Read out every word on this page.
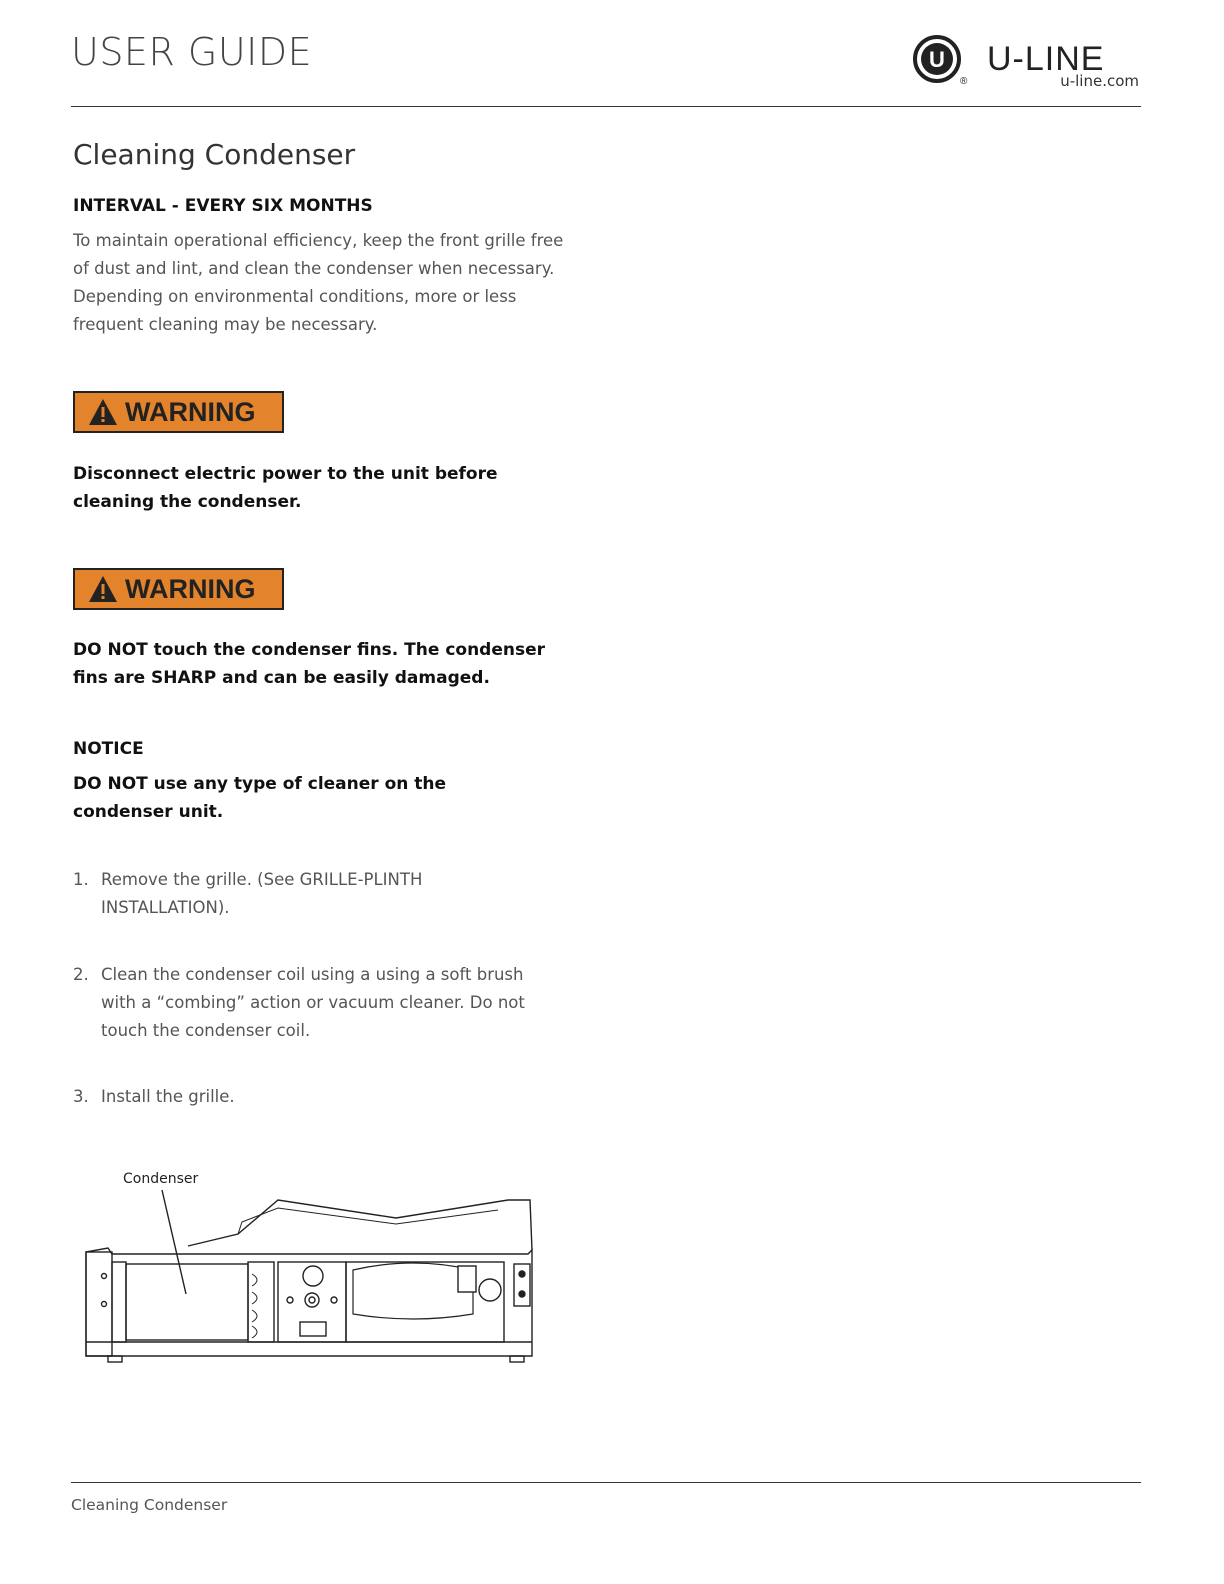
USER GUIDE	U
®
U-LINE
u-line.com
Cleaning Condenser
INTERVAL - EVERY SIX MONTHS

To maintain operational efficiency, keep the front grille free of dust and lint, and clean the condenser when necessary. Depending on environmental conditions, more or less frequent cleaning may be necessary.

WARNING

Disconnect electric power to the unit before cleaning the condenser.

WARNING

DO NOT touch the condenser fins. The condenser fins are SHARP and can be easily damaged.

NOTICE

DO NOT use any type of cleaner on the condenser unit.

1. Remove the grille. (See GRILLE-PLINTH INSTALLATION).
2. Clean the condenser coil using a using a soft brush with a “combing” action or vacuum cleaner. Do not touch the condenser coil.
3. Install the grille.
Condenser
Cleaning Condenser
